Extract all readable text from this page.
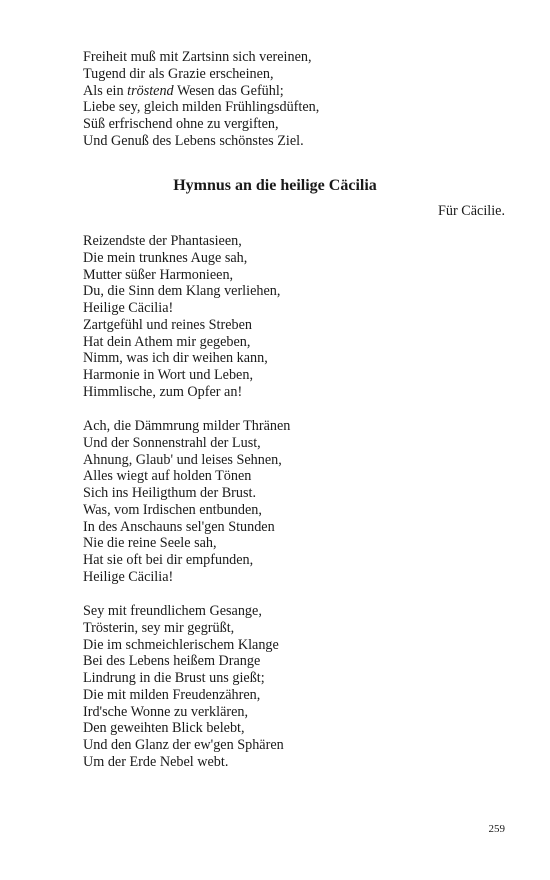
Freiheit muß mit Zartsinn sich vereinen,
Tugend dir als Grazie erscheinen,
Als ein tröstend Wesen das Gefühl;
Liebe sey, gleich milden Frühlingsdüften,
Süß erfrischend ohne zu vergiften,
Und Genuß des Lebens schönstes Ziel.
Hymnus an die heilige Cäcilia
Für Cäcilie.
Reizendste der Phantasieen,
Die mein trunknes Auge sah,
Mutter süßer Harmonieen,
Du, die Sinn dem Klang verliehen,
Heilige Cäcilia!
Zartgefühl und reines Streben
Hat dein Athem mir gegeben,
Nimm, was ich dir weihen kann,
Harmonie in Wort und Leben,
Himmlische, zum Opfer an!
Ach, die Dämmrung milder Thränen
Und der Sonnenstrahl der Lust,
Ahnung, Glaub' und leises Sehnen,
Alles wiegt auf holden Tönen
Sich ins Heiligthum der Brust.
Was, vom Irdischen entbunden,
In des Anschauns sel'gen Stunden
Nie die reine Seele sah,
Hat sie oft bei dir empfunden,
Heilige Cäcilia!
Sey mit freundlichem Gesange,
Trösterin, sey mir gegrüßt,
Die im schmeichlerischem Klange
Bei des Lebens heißem Drange
Lindrung in die Brust uns gießt;
Die mit milden Freudenzähren,
Ird'sche Wonne zu verklären,
Den geweihten Blick belebt,
Und den Glanz der ew'gen Sphären
Um der Erde Nebel webt.
259
